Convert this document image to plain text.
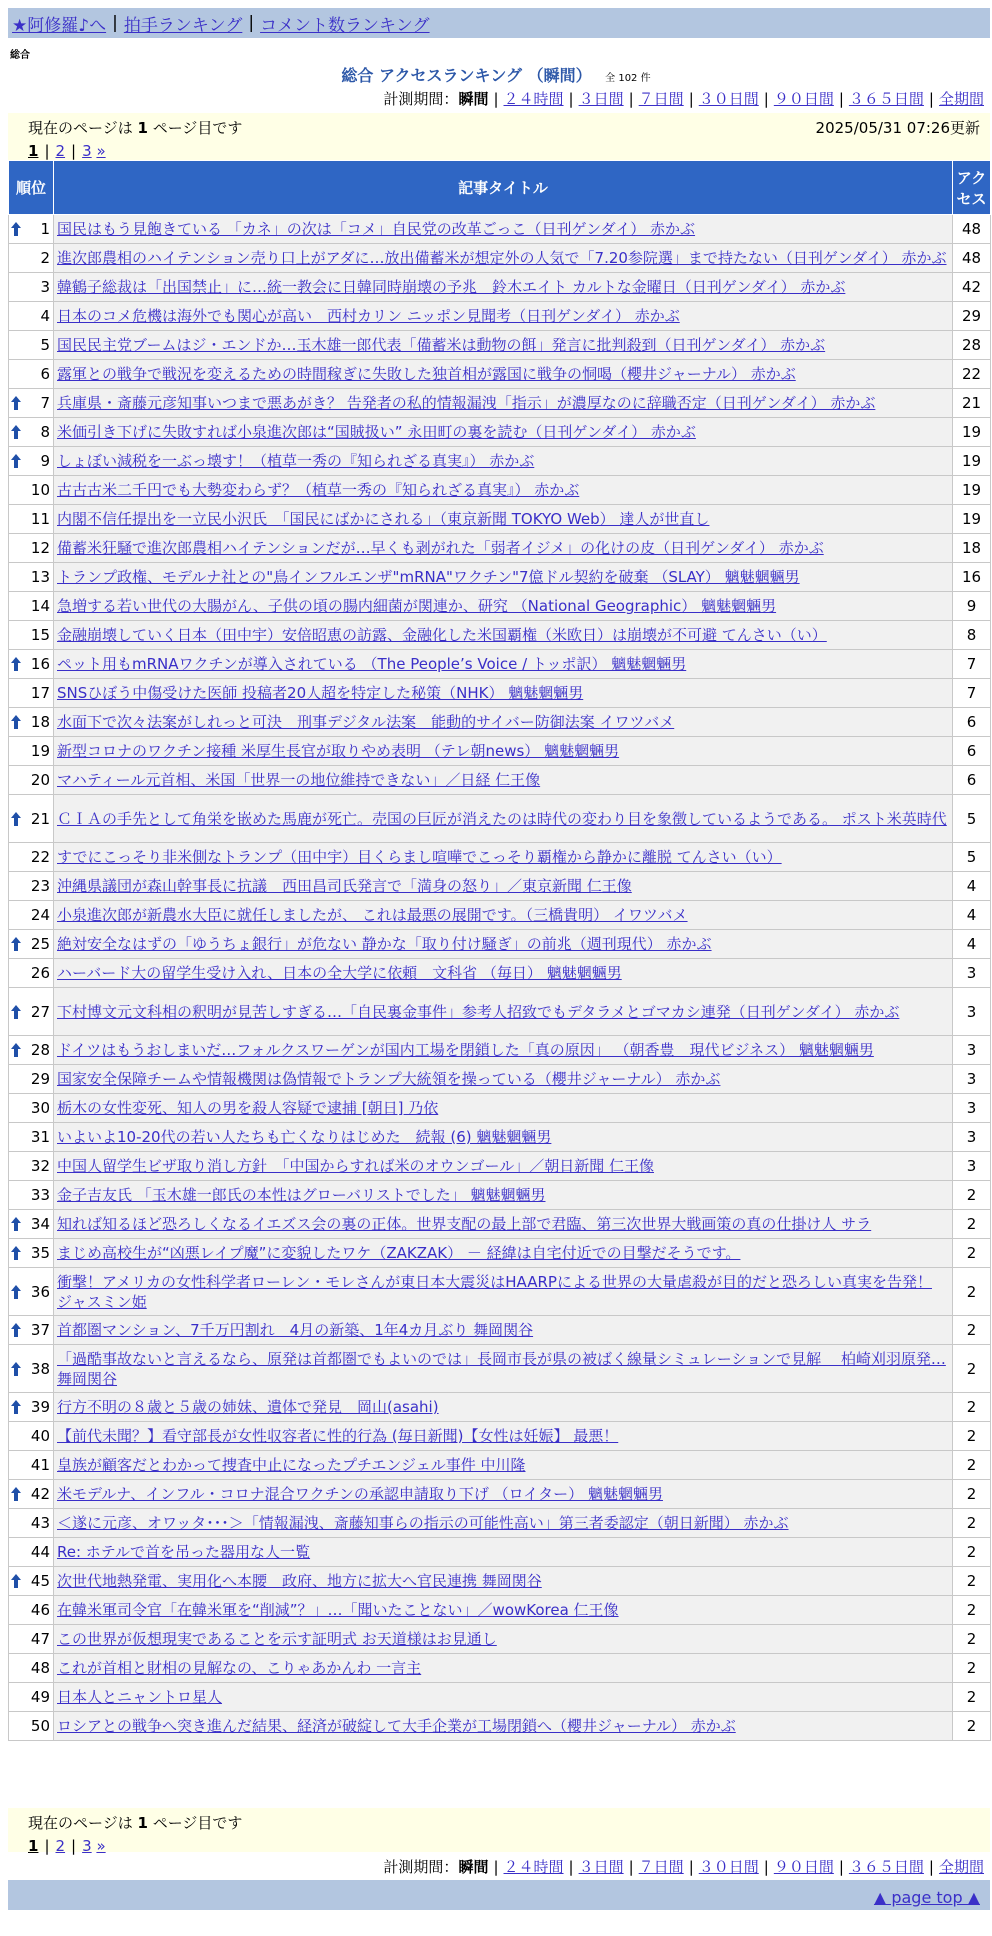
★阿修羅♪へ | 拍手ランキング | コメント数ランキング
総合
総合 アクセスランキング （瞬間） 全 102 件
計測期間：瞬間 | ２４時間 | ３日間 | ７日間 | ３０日間 | ９０日間 | ３６５日間 | 全期間
現在のページは 1 ページ目です	2025/05/31 07:26更新
1 | 2 | 3 »
順位	記事タイトル	アクセス

1	国民はもう見飽きている 「カネ」の次は「コメ」自民党の改革ごっこ（日刊ゲンダイ） 赤かぶ	48
2	進次郎農相のハイテンション売り口上がアダに…放出備蓄米が想定外の人気で「7.20参院選」まで持たない（日刊ゲンダイ） 赤かぶ	48
3	韓鶴子総裁は「出国禁止」に…統一教会に日韓同時崩壊の予兆　鈴木エイト カルトな金曜日（日刊ゲンダイ） 赤かぶ	42
4	日本のコメ危機は海外でも関心が高い　西村カリン ニッポン見聞考（日刊ゲンダイ） 赤かぶ	29
5	国民民主党ブームはジ・エンドか…玉木雄一郎代表「備蓄米は動物の餌」発言に批判殺到（日刊ゲンダイ） 赤かぶ	28
6	露軍との戦争で戦況を変えるための時間稼ぎに失敗した独首相が露国に戦争の恫喝（櫻井ジャーナル） 赤かぶ	22

7	兵庫県・斎藤元彦知事いつまで悪あがき？ 告発者の私的情報漏洩「指示」が濃厚なのに辞職否定（日刊ゲンダイ） 赤かぶ	21

8	米価引き下げに失敗すれば小泉進次郎は“国賊扱い” 永田町の裏を読む（日刊ゲンダイ） 赤かぶ	19

9	しょぼい減税を一ぶっ壊す！（植草一秀の『知られざる真実』） 赤かぶ	19
10	古古古米二千円でも大勢変わらず？（植草一秀の『知られざる真実』） 赤かぶ	19
11	内閣不信任提出を一立民小沢氏　「国民にばかにされる」（東京新聞 TOKYO Web） 達人が世直し	19
12	備蓄米狂騒で進次郎農相ハイテンションだが…早くも剥がれた「弱者イジメ」の化けの皮（日刊ゲンダイ） 赤かぶ	18
13	トランプ政権、モデルナ社との"鳥インフルエンザ"mRNA"ワクチン"7億ドル契約を破棄 （SLAY） 魑魅魍魎男	16
14	急増する若い世代の大腸がん、子供の頃の腸内細菌が関連か、研究 （National Geographic） 魑魅魍魎男	9
15	金融崩壊していく日本（田中宇）安倍昭恵の訪露、金融化した米国覇権（米欧日）は崩壊が不可避 てんさい（い）	8

16	ペット用もmRNAワクチンが導入されている （The People’s Voice / トッポ訳） 魑魅魍魎男	7
17	SNSひぼう中傷受けた医師 投稿者20人超を特定した秘策（NHK） 魑魅魍魎男	7

18	水面下で次々法案がしれっと可決　刑事デジタル法案　能動的サイバー防御法案 イワツバメ	6
19	新型コロナのワクチン接種 米厚生長官が取りやめ表明 （テレ朝news） 魑魅魍魎男	6
20	マハティール元首相、米国「世界一の地位維持できない」／日経 仁王像	6

21	ＣＩＡの手先として角栄を嵌めた馬鹿が死亡。売国の巨匠が消えたのは時代の変わり目を象徴しているようである。 ポスト米英時代	5
22	すでにこっそり非米側なトランプ（田中宇）目くらまし喧嘩でこっそり覇権から静かに離脱 てんさい（い）	5
23	沖縄県議団が森山幹事長に抗議　西田昌司氏発言で「満身の怒り」／東京新聞 仁王像	4
24	小泉進次郎が新農水大臣に就任しましたが、 これは最悪の展開です。（三橋貴明） イワツバメ	4

25	絶対安全なはずの「ゆうちょ銀行」が危ない 静かな「取り付け騒ぎ」の前兆（週刊現代） 赤かぶ	4
26	ハーバード大の留学生受け入れ、日本の全大学に依頼　文科省 （毎日） 魑魅魍魎男	3

27	下村博文元文科相の釈明が見苦しすぎる…「自民裏金事件」参考人招致でもデタラメとゴマカシ連発（日刊ゲンダイ） 赤かぶ	3

28	ドイツはもうおしまいだ…フォルクスワーゲンが国内工場を閉鎖した「真の原因」 （朝香豊　現代ビジネス） 魑魅魍魎男	3
29	国家安全保障チームや情報機関は偽情報でトランプ大統領を操っている（櫻井ジャーナル） 赤かぶ	3
30	栃木の女性変死、知人の男を殺人容疑で逮捕 [朝日] 乃依	3
31	いよいよ10-20代の若い人たちも亡くなりはじめた　続報 (6) 魑魅魍魎男	3
32	中国人留学生ビザ取り消し方針　「中国からすれば米のオウンゴール」／朝日新聞 仁王像	3
33	金子吉友氏 「玉木雄一郎氏の本性はグローバリストでした」 魑魅魍魎男	2

34	知れば知るほど恐ろしくなるイエズス会の裏の正体。世界支配の最上部で君臨、第三次世界大戦画策の真の仕掛け人 サラ	2

35	まじめ高校生が“凶悪レイプ魔”に変貌したワケ（ZAKZAK） － 経緯は自宅付近での目撃だそうです。	2

36	衝撃！アメリカの女性科学者ローレン・モレさんが東日本大震災はHAARPによる世界の大量虐殺が目的だと恐ろしい真実を告発！ ジャスミン姫	2

37	首都圏マンション、7千万円割れ　4月の新築、1年4カ月ぶり 舞岡関谷	2

38	「過酷事故ないと言えるなら、原発は首都圏でもよいのでは」長岡市長が県の被ばく線量シミュレーションで見解　 柏崎刈羽原発… 舞岡関谷	2

39	行方不明の８歳と５歳の姉妹、遺体で発見　岡山(asahi)	2
40	【前代未聞？】看守部長が女性収容者に性的行為 (毎日新聞)【女性は妊娠】 最悪！	2
41	皇族が顧客だとわかって捜査中止になったプチエンジェル事件 中川隆	2

42	米モデルナ、インフル・コロナ混合ワクチンの承認申請取り下げ （ロイター） 魑魅魍魎男	2
43	＜遂に元彦、オワッタ･･･＞「情報漏洩、斎藤知事らの指示の可能性高い」第三者委認定（朝日新聞） 赤かぶ	2
44	Re: ホテルで首を吊った器用な人一覧	2

45	次世代地熱発電、実用化へ本腰　政府、地方に拡大へ官民連携 舞岡関谷	2
46	在韓米軍司令官「在韓米軍を“削減”？」…「聞いたことない」／wowKorea 仁王像	2
47	この世界が仮想現実であることを示す証明式 お天道様はお見通し	2
48	これが首相と財相の見解なの、こりゃあかんわ 一言主	2
49	日本人とニャントロ星人	2
50	ロシアとの戦争へ突き進んだ結果、経済が破綻して大手企業が工場閉鎖へ（櫻井ジャーナル） 赤かぶ	2
現在のページは 1 ページ目です
1 | 2 | 3 »
計測期間：瞬間 | ２４時間 | ３日間 | ７日間 | ３０日間 | ９０日間 | ３６５日間 | 全期間
▲ page top ▲
